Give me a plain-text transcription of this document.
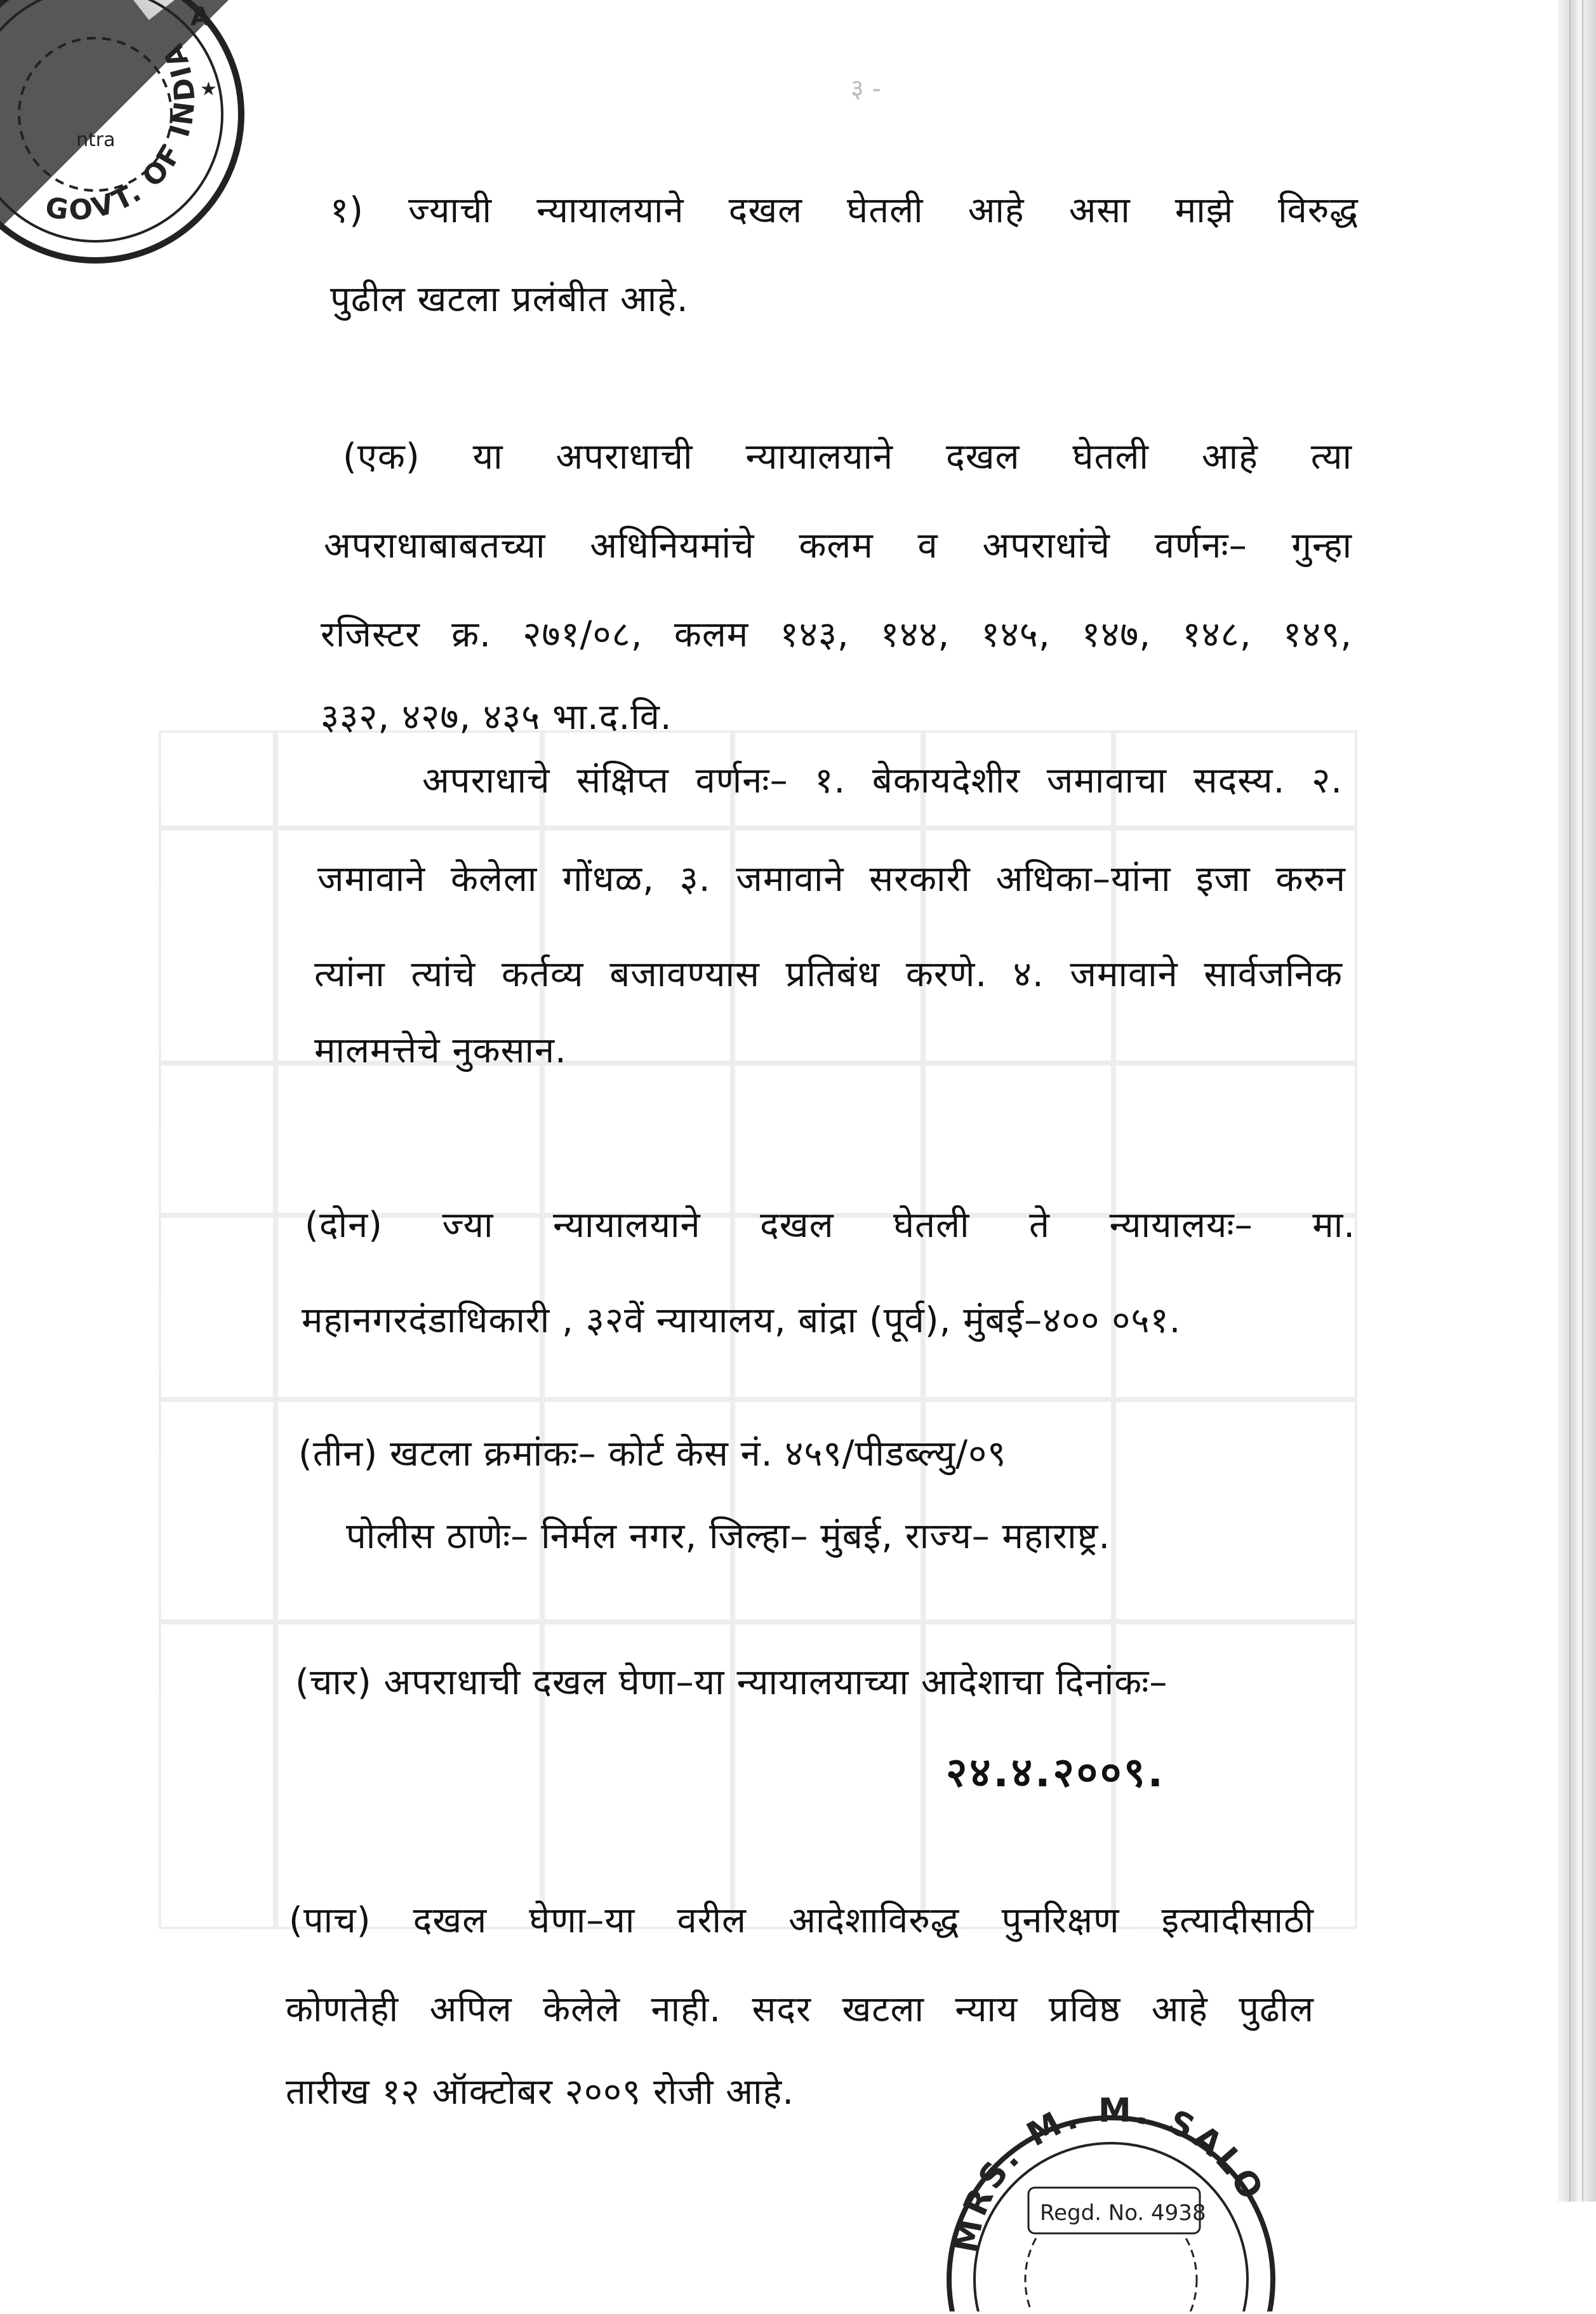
३ -
१) ज्याची न्यायालयाने दखल घेतली आहे असा माझे विरुद्ध
पुढील खटला प्रलंबीत आहे.
(एक) या अपराधाची न्यायालयाने दखल घेतली आहे त्या
अपराधाबाबतच्या अधिनियमांचे कलम व अपराधांचे वर्णनः– गुन्हा
रजिस्टर क्र. २७१/०८, कलम १४३, १४४, १४५, १४७, १४८, १४९,
३३२, ४२७, ४३५ भा.द.वि.
अपराधाचे संक्षिप्त वर्णनः– १. बेकायदेशीर जमावाचा सदस्य. २.
जमावाने केलेला गोंधळ, ३. जमावाने सरकारी अधिका–यांना इजा करुन
त्यांना त्यांचे कर्तव्य बजावण्यास प्रतिबंध करणे. ४. जमावाने सार्वजनिक
मालमत्तेचे नुकसान.
(दोन) ज्या न्यायालयाने दखल घेतली ते न्यायालयः– मा.
महानगरदंडाधिकारी , ३२वें न्यायालय, बांद्रा (पूर्व), मुंबई–४०० ०५१.
(तीन) खटला क्रमांकः– कोर्ट केस नं. ४५९/पीडब्ल्यु/०९
पोलीस ठाणेः– निर्मल नगर, जिल्हा– मुंबई, राज्य– महाराष्ट्र.
(चार) अपराधाची दखल घेणा–या न्यायालयाच्या आदेशाचा दिनांकः–
२४.४.२००९.
(पाच) दखल घेणा–या वरील आदेशाविरुद्ध पुनरिक्षण इत्यादीसाठी
कोणतेही अपिल केलेले नाही. सदर खटला न्याय प्रविष्ठ आहे पुढील
तारीख १२ ऑक्टोबर २००९ रोजी आहे.
GOVT. OF INDIA
ntra
A
★
MRS. M. M. SALO
Regd. No. 4938
